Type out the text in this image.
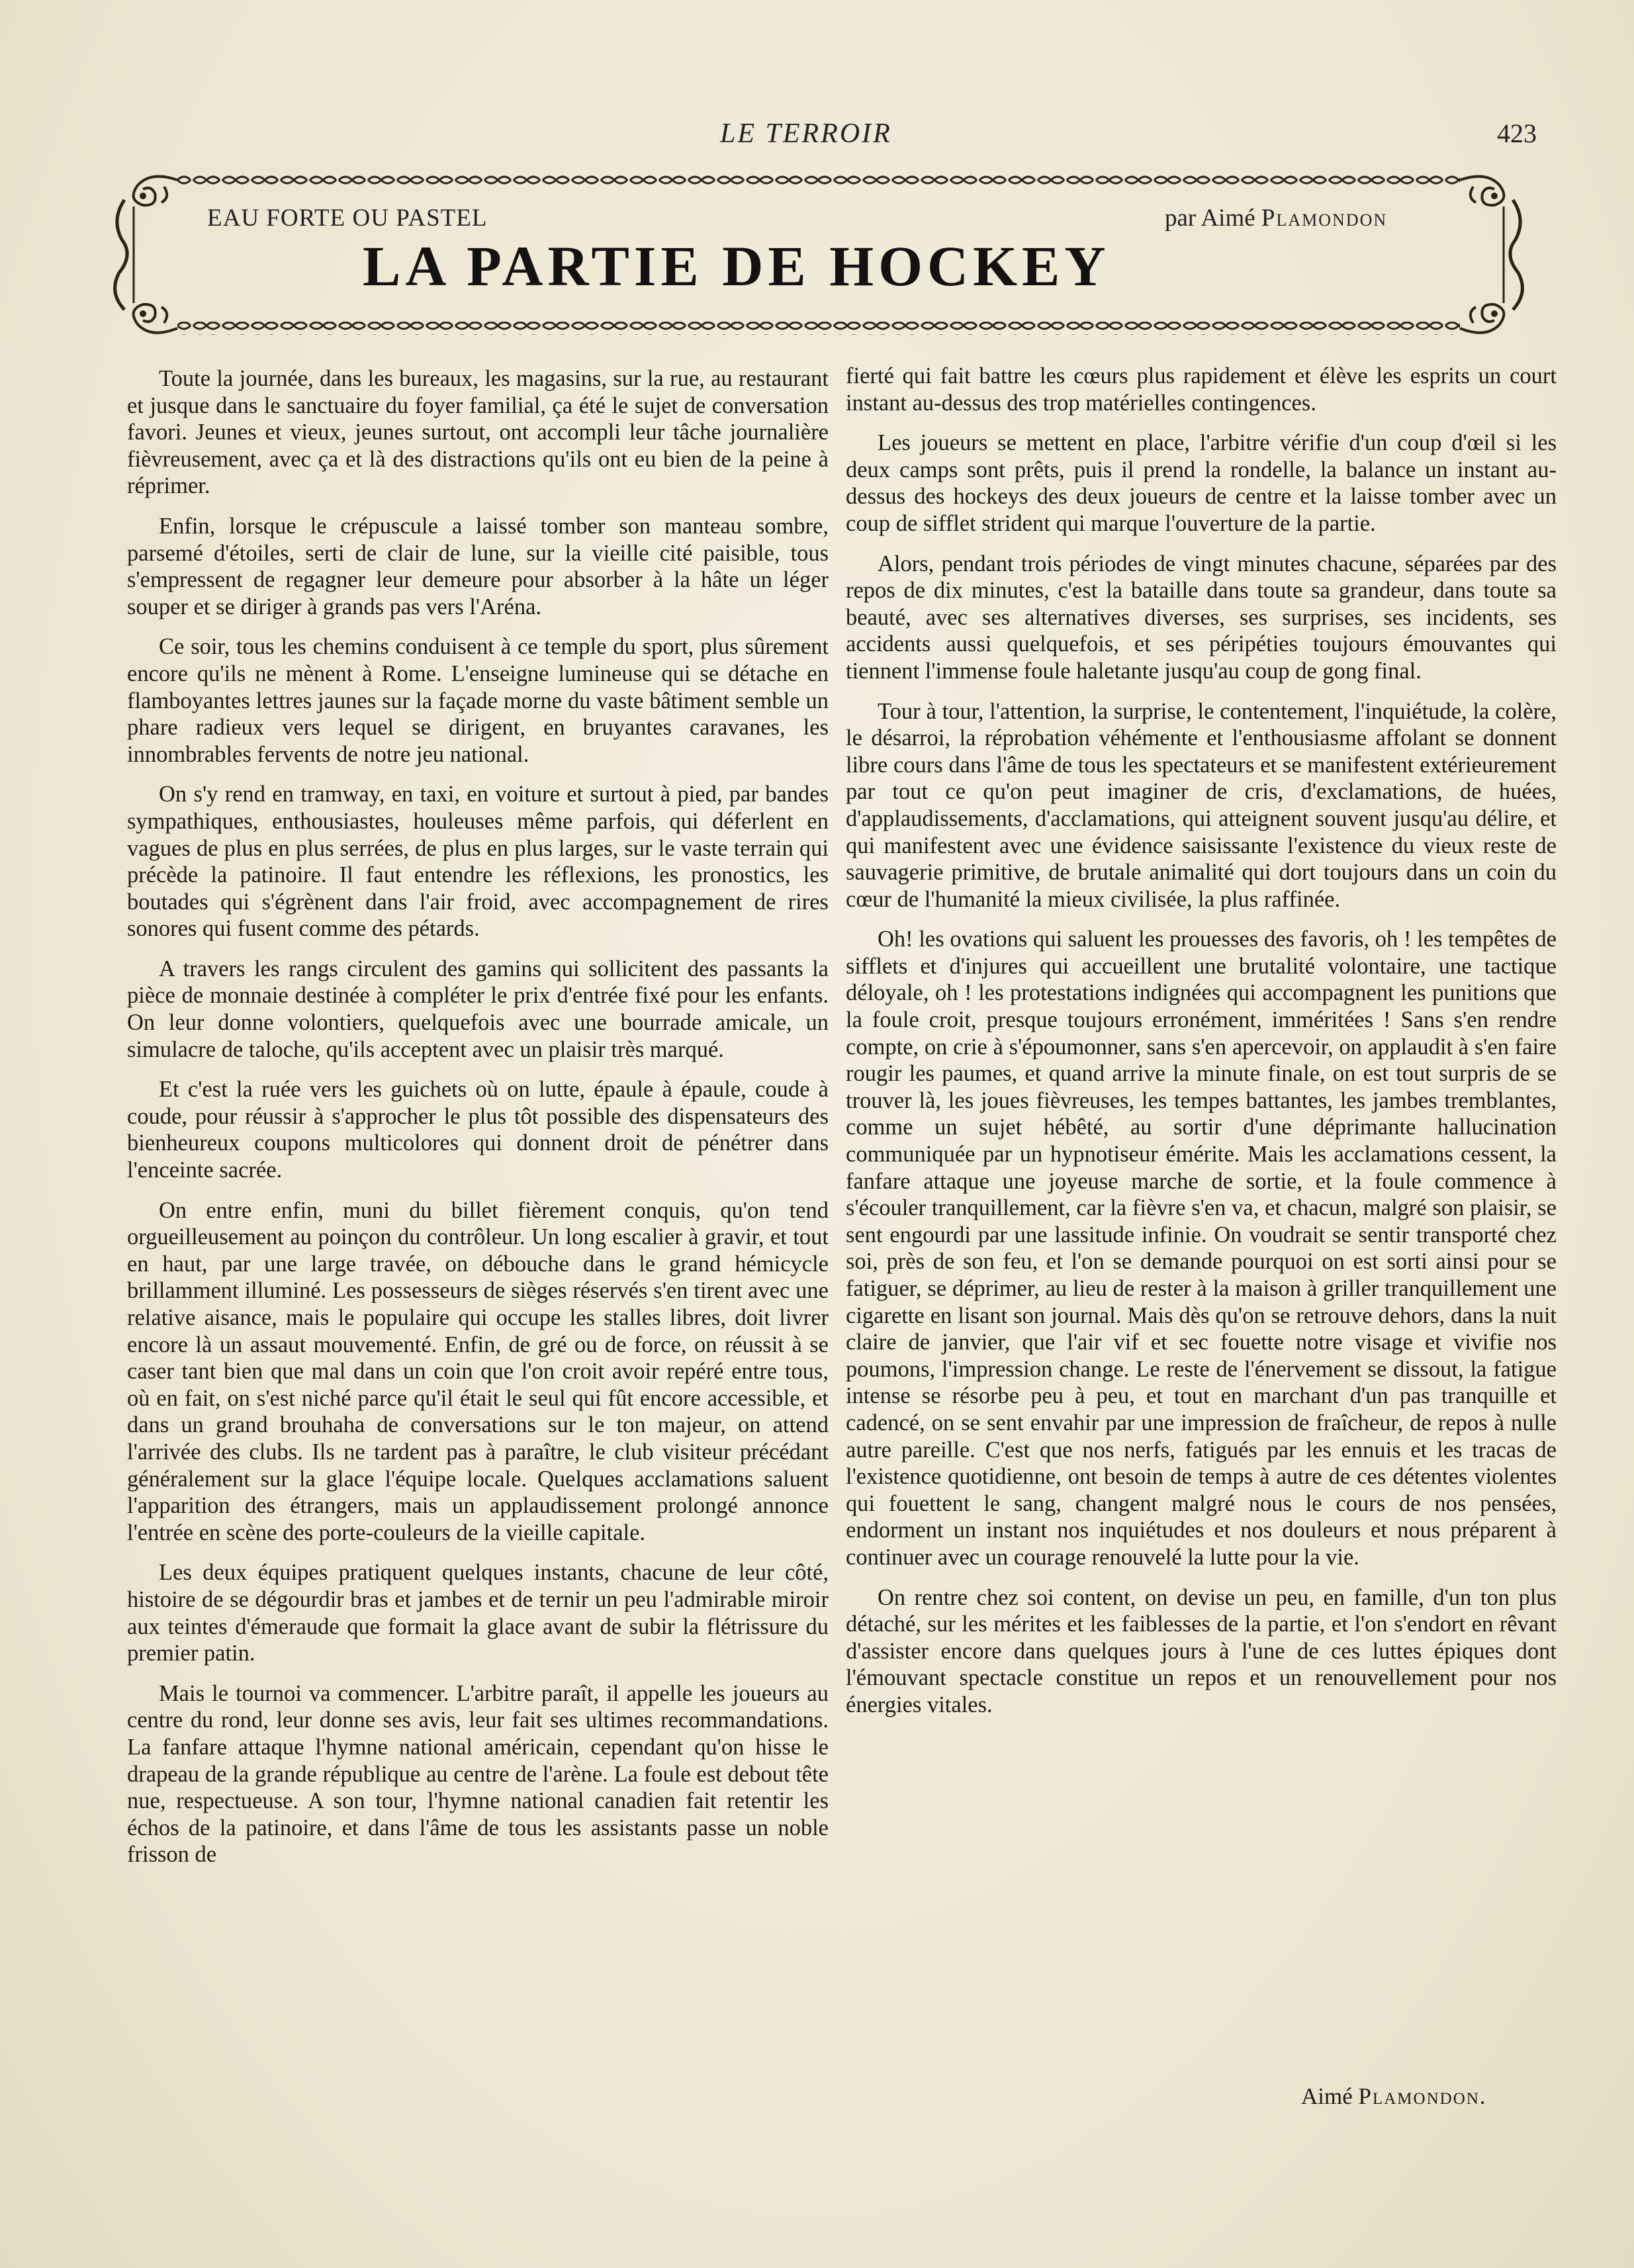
LE TERROIR	423
EAU FORTE OU PASTEL	par Aimé Plamondon
LA PARTIE DE HOCKEY

Toute la journée, dans les bureaux, les magasins, sur la rue, au restaurant et jusque dans le sanctuaire du foyer familial, ça été le sujet de conversation favori. Jeunes et vieux, jeunes surtout, ont accompli leur tâche journalière fièvreusement, avec ça et là des distractions qu'ils ont eu bien de la peine à réprimer.

Enfin, lorsque le crépuscule a laissé tomber son manteau sombre, parsemé d'étoiles, serti de clair de lune, sur la vieille cité paisible, tous s'empressent de regagner leur demeure pour absorber à la hâte un léger souper et se diriger à grands pas vers l'Aréna.

Ce soir, tous les chemins conduisent à ce temple du sport, plus sûrement encore qu'ils ne mènent à Rome. L'enseigne lumineuse qui se détache en flamboyantes lettres jaunes sur la façade morne du vaste bâtiment semble un phare radieux vers lequel se dirigent, en bruyantes caravanes, les innombrables fervents de notre jeu national.

On s'y rend en tramway, en taxi, en voiture et surtout à pied, par bandes sympathiques, enthousiastes, houleuses même parfois, qui déferlent en vagues de plus en plus serrées, de plus en plus larges, sur le vaste terrain qui précède la patinoire. Il faut entendre les réflexions, les pronostics, les boutades qui s'égrènent dans l'air froid, avec accompagnement de rires sonores qui fusent comme des pétards.

A travers les rangs circulent des gamins qui sollicitent des passants la pièce de monnaie destinée à compléter le prix d'entrée fixé pour les enfants. On leur donne volontiers, quelquefois avec une bourrade amicale, un simulacre de taloche, qu'ils acceptent avec un plaisir très marqué.

Et c'est la ruée vers les guichets où on lutte, épaule à épaule, coude à coude, pour réussir à s'approcher le plus tôt possible des dispensateurs des bienheureux coupons multicolores qui donnent droit de pénétrer dans l'enceinte sacrée.

On entre enfin, muni du billet fièrement conquis, qu'on tend orgueilleusement au poinçon du contrôleur. Un long escalier à gravir, et tout en haut, par une large travée, on débouche dans le grand hémicycle brillamment illuminé. Les possesseurs de sièges réservés s'en tirent avec une relative aisance, mais le populaire qui occupe les stalles libres, doit livrer encore là un assaut mouvementé. Enfin, de gré ou de force, on réussit à se caser tant bien que mal dans un coin que l'on croit avoir repéré entre tous, où en fait, on s'est niché parce qu'il était le seul qui fût encore accessible, et dans un grand brouhaha de conversations sur le ton majeur, on attend l'arrivée des clubs. Ils ne tardent pas à paraître, le club visiteur précédant généralement sur la glace l'équipe locale. Quelques acclamations saluent l'apparition des étrangers, mais un applaudissement prolongé annonce l'entrée en scène des porte-couleurs de la vieille capitale.

Les deux équipes pratiquent quelques instants, chacune de leur côté, histoire de se dégourdir bras et jambes et de ternir un peu l'admirable miroir aux teintes d'émeraude que formait la glace avant de subir la flétrissure du premier patin.

Mais le tournoi va commencer. L'arbitre paraît, il appelle les joueurs au centre du rond, leur donne ses avis, leur fait ses ultimes recommandations. La fanfare attaque l'hymne national américain, cependant qu'on hisse le drapeau de la grande république au centre de l'arène. La foule est debout tête nue, respectueuse. A son tour, l'hymne national canadien fait retentir les échos de la patinoire, et dans l'âme de tous les assistants passe un noble frisson de

fierté qui fait battre les cœurs plus rapidement et élève les esprits un court instant au-dessus des trop matérielles contingences.

Les joueurs se mettent en place, l'arbitre vérifie d'un coup d'œil si les deux camps sont prêts, puis il prend la rondelle, la balance un instant au-dessus des hockeys des deux joueurs de centre et la laisse tomber avec un coup de sifflet strident qui marque l'ouverture de la partie.

Alors, pendant trois périodes de vingt minutes chacune, séparées par des repos de dix minutes, c'est la bataille dans toute sa grandeur, dans toute sa beauté, avec ses alternatives diverses, ses surprises, ses incidents, ses accidents aussi quelquefois, et ses péripéties toujours émouvantes qui tiennent l'immense foule haletante jusqu'au coup de gong final.

Tour à tour, l'attention, la surprise, le contentement, l'inquiétude, la colère, le désarroi, la réprobation véhémente et l'enthousiasme affolant se donnent libre cours dans l'âme de tous les spectateurs et se manifestent extérieurement par tout ce qu'on peut imaginer de cris, d'exclamations, de huées, d'applaudissements, d'acclamations, qui atteignent souvent jusqu'au délire, et qui manifestent avec une évidence saisissante l'existence du vieux reste de sauvagerie primitive, de brutale animalité qui dort toujours dans un coin du cœur de l'humanité la mieux civilisée, la plus raffinée.

Oh! les ovations qui saluent les prouesses des favoris, oh ! les tempêtes de sifflets et d'injures qui accueillent une brutalité volontaire, une tactique déloyale, oh ! les protestations indignées qui accompagnent les punitions que la foule croit, presque toujours erronément, imméritées ! Sans s'en rendre compte, on crie à s'époumonner, sans s'en apercevoir, on applaudit à s'en faire rougir les paumes, et quand arrive la minute finale, on est tout surpris de se trouver là, les joues fièvreuses, les tempes battantes, les jambes tremblantes, comme un sujet hébêté, au sortir d'une déprimante hallucination communiquée par un hypnotiseur émérite. Mais les acclamations cessent, la fanfare attaque une joyeuse marche de sortie, et la foule commence à s'écouler tranquillement, car la fièvre s'en va, et chacun, malgré son plaisir, se sent engourdi par une lassitude infinie. On voudrait se sentir transporté chez soi, près de son feu, et l'on se demande pourquoi on est sorti ainsi pour se fatiguer, se déprimer, au lieu de rester à la maison à griller tranquillement une cigarette en lisant son journal. Mais dès qu'on se retrouve dehors, dans la nuit claire de janvier, que l'air vif et sec fouette notre visage et vivifie nos poumons, l'impression change. Le reste de l'énervement se dissout, la fatigue intense se résorbe peu à peu, et tout en marchant d'un pas tranquille et cadencé, on se sent envahir par une impression de fraîcheur, de repos à nulle autre pareille. C'est que nos nerfs, fatigués par les ennuis et les tracas de l'existence quotidienne, ont besoin de temps à autre de ces détentes violentes qui fouettent le sang, changent malgré nous le cours de nos pensées, endorment un instant nos inquiétudes et nos douleurs et nous préparent à continuer avec un courage renouvelé la lutte pour la vie.

On rentre chez soi content, on devise un peu, en famille, d'un ton plus détaché, sur les mérites et les faiblesses de la partie, et l'on s'endort en rêvant d'assister encore dans quelques jours à l'une de ces luttes épiques dont l'émouvant spectacle constitue un repos et un renouvellement pour nos énergies vitales.

Aimé Plamondon.
